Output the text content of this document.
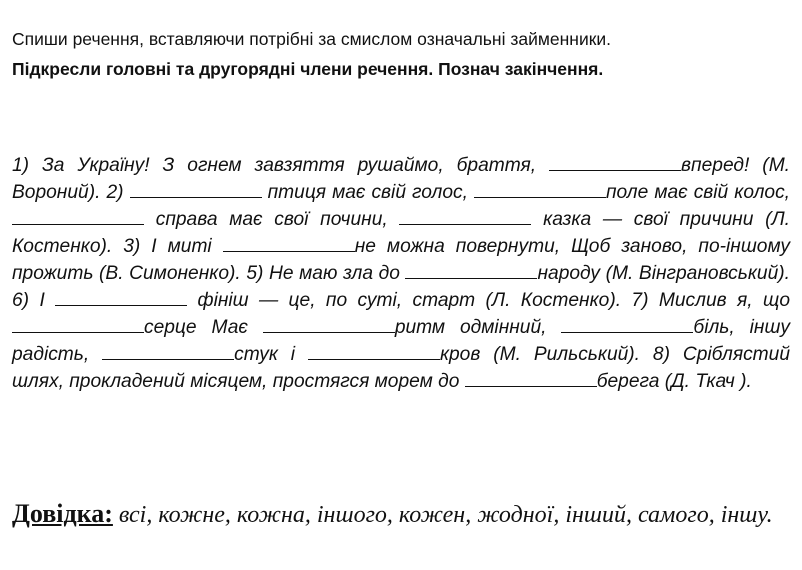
Спиши речення, вставляючи потрібні за смислом означальні займенники.
Підкресли головні та другорядні члени речення. Познач закінчення.
1) За Україну! З огнем завзяття рушаймо, браття,	вперед! (М. Вороний). 2)	птиця має свій голос,	поле має свій колос,  справа має свої почини,	казка — свої причини (Л. Костенко). 3) І миті	не можна повернути, Щоб заново, по-іншому прожить (В. Симоненко). 5) Не маю зла до	народу (М. Вінграновський). 6) І	фініш — це, по суті, старт (Л. Костенко). 7) Мислив я, що серце Має	ритм одмінний,	біль, іншу радість,	стук і	кров (М. Рильський). 8) Сріблястий шлях, прокладений місяцем, простягся морем до	берега (Д. Ткач ).
Довідка: всі, кожне, кожна, іншого, кожен, жодної, інший, самого, іншу.
